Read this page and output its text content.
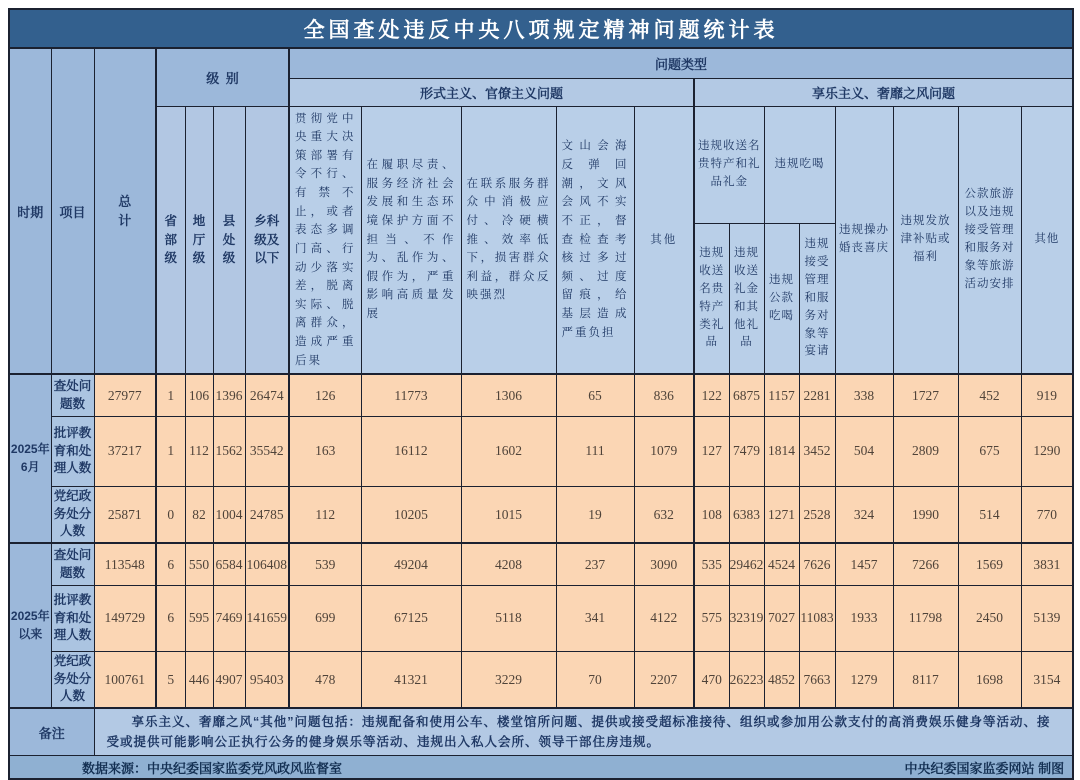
全国查处违反中央八项规定精神问题统计表																			
时期	项目	总计	级别				问题类型												
							形式主义、官僚主义问题					享乐主义、奢靡之风问题							
			省部级	地厅级	县处级	乡科级及以下	贯彻党中央重大决策部署有令不行、有禁不止，或者表态多调门高、行动少落实差，脱离实际、脱离群众，造成严重后果	在履职尽责、服务经济社会发展和生态环境保护方面不担当、不作为、乱作为、假作为，严重影响高质量发展	在联系服务群众中消极应付、冷硬横推、效率低下，损害群众利益，群众反映强烈	文山会海反弹回潮，文风会风不实不正，督查检查考核过多过频、过度留痕，给基层造成严重负担	其他	违规收送名贵特产和礼品礼金		违规吃喝		违规操办婚丧喜庆	违规发放津补贴或福利	公款旅游以及违规接受管理和服务对象等旅游活动安排	其他
												违规收送名贵特产类礼品	违规收送礼金和其他礼品	违规公款吃喝	违规接受管理和服务对象等宴请				
2025年6月	查处问题数	27977	1	106	1396	26474	126	11773	1306	65	836	122	6875	1157	2281	338	1727	452	919
	批评教育和处理人数	37217	1	112	1562	35542	163	16112	1602	111	1079	127	7479	1814	3452	504	2809	675	1290
	党纪政务处分人数	25871	0	82	1004	24785	112	10205	1015	19	632	108	6383	1271	2528	324	1990	514	770
2025年以来	查处问题数	113548	6	550	6584	106408	539	49204	4208	237	3090	535	29462	4524	7626	1457	7266	1569	3831
	批评教育和处理人数	149729	6	595	7469	141659	699	67125	5118	341	4122	575	32319	7027	11083	1933	11798	2450	5139
	党纪政务处分人数	100761	5	446	4907	95403	478	41321	3229	70	2207	470	26223	4852	7663	1279	8117	1698	3154
备注		享乐主义、奢靡之风“其他”问题包括：违规配备和使用公车、楼堂馆所问题、提供或接受超标准接待、组织或参加用公款支付的高消费娱乐健身等活动、接受或提供可能影响公正执行公务的健身娱乐等活动、违规出入私人会所、领导干部住房违规。																	

数据来源：中央纪委国家监委党风政风监督室 中央纪委国家监委网站 制图																			
